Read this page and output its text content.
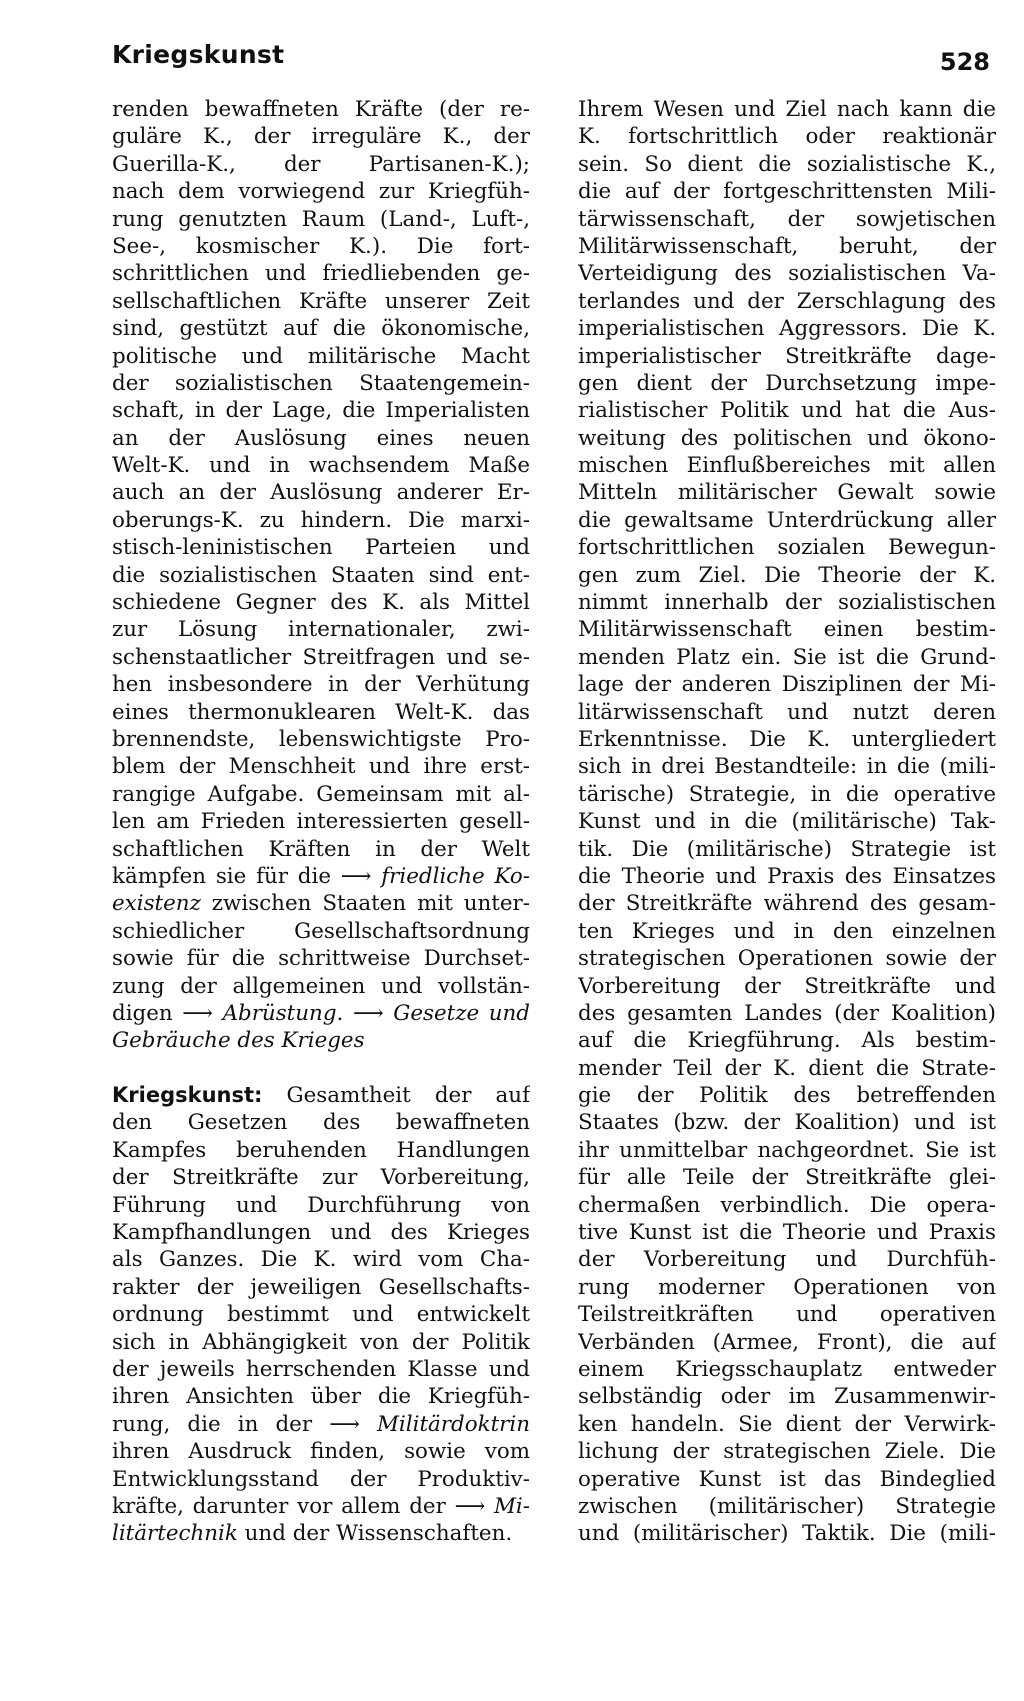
Kriegskunst	528
renden bewaffneten Kräfte (der re-
guläre K., der irreguläre K., der
Guerilla-K., der Partisanen-K.);
nach dem vorwiegend zur Kriegfüh-
rung genutzten Raum (Land-, Luft-,
See-, kosmischer K.). Die fort-
schrittlichen und friedliebenden ge-
sellschaftlichen Kräfte unserer Zeit
sind, gestützt auf die ökonomische,
politische und militärische Macht
der sozialistischen Staatengemein-
schaft, in der Lage, die Imperialisten
an der Auslösung eines neuen
Welt-K. und in wachsendem Maße
auch an der Auslösung anderer Er-
oberungs-K. zu hindern. Die marxi-
stisch-leninistischen Parteien und
die sozialistischen Staaten sind ent-
schiedene Gegner des K. als Mittel
zur Lösung internationaler, zwi-
schenstaatlicher Streitfragen und se-
hen insbesondere in der Verhütung
eines thermonuklearen Welt-K. das
brennendste, lebenswichtigste Pro-
blem der Menschheit und ihre erst-
rangige Aufgabe. Gemeinsam mit al-
len am Frieden interessierten gesell-
schaftlichen Kräften in der Welt
kämpfen sie für die ⟶ friedliche Ko-
existenz zwischen Staaten mit unter-
schiedlicher Gesellschaftsordnung
sowie für die schrittweise Durchset-
zung der allgemeinen und vollstän-
digen ⟶ Abrüstung. ⟶ Gesetze und
Gebräuche des Krieges
Kriegskunst: Gesamtheit der auf
den Gesetzen des bewaffneten
Kampfes beruhenden Handlungen
der Streitkräfte zur Vorbereitung,
Führung und Durchführung von
Kampfhandlungen und des Krieges
als Ganzes. Die K. wird vom Cha-
rakter der jeweiligen Gesellschafts-
ordnung bestimmt und entwickelt
sich in Abhängigkeit von der Politik
der jeweils herrschenden Klasse und
ihren Ansichten über die Kriegfüh-
rung, die in der ⟶ Militärdoktrin
ihren Ausdruck finden, sowie vom
Entwicklungsstand der Produktiv-
kräfte, darunter vor allem der ⟶ Mi-
litärtechnik und der Wissenschaften.
Ihrem Wesen und Ziel nach kann die
K. fortschrittlich oder reaktionär
sein. So dient die sozialistische K.,
die auf der fortgeschrittensten Mili-
tärwissenschaft, der sowjetischen
Militärwissenschaft, beruht, der
Verteidigung des sozialistischen Va-
terlandes und der Zerschlagung des
imperialistischen Aggressors. Die K.
imperialistischer Streitkräfte dage-
gen dient der Durchsetzung impe-
rialistischer Politik und hat die Aus-
weitung des politischen und ökono-
mischen Einflußbereiches mit allen
Mitteln militärischer Gewalt sowie
die gewaltsame Unterdrückung aller
fortschrittlichen sozialen Bewegun-
gen zum Ziel. Die Theorie der K.
nimmt innerhalb der sozialistischen
Militärwissenschaft einen bestim-
menden Platz ein. Sie ist die Grund-
lage der anderen Disziplinen der Mi-
litärwissenschaft und nutzt deren
Erkenntnisse. Die K. untergliedert
sich in drei Bestandteile: in die (mili-
tärische) Strategie, in die operative
Kunst und in die (militärische) Tak-
tik. Die (militärische) Strategie ist
die Theorie und Praxis des Einsatzes
der Streitkräfte während des gesam-
ten Krieges und in den einzelnen
strategischen Operationen sowie der
Vorbereitung der Streitkräfte und
des gesamten Landes (der Koalition)
auf die Kriegführung. Als bestim-
mender Teil der K. dient die Strate-
gie der Politik des betreffenden
Staates (bzw. der Koalition) und ist
ihr unmittelbar nachgeordnet. Sie ist
für alle Teile der Streitkräfte glei-
chermaßen verbindlich. Die opera-
tive Kunst ist die Theorie und Praxis
der Vorbereitung und Durchfüh-
rung moderner Operationen von
Teilstreitkräften und operativen
Verbänden (Armee, Front), die auf
einem Kriegsschauplatz entweder
selbständig oder im Zusammenwir-
ken handeln. Sie dient der Verwirk-
lichung der strategischen Ziele. Die
operative Kunst ist das Bindeglied
zwischen (militärischer) Strategie
und (militärischer) Taktik. Die (mili-
